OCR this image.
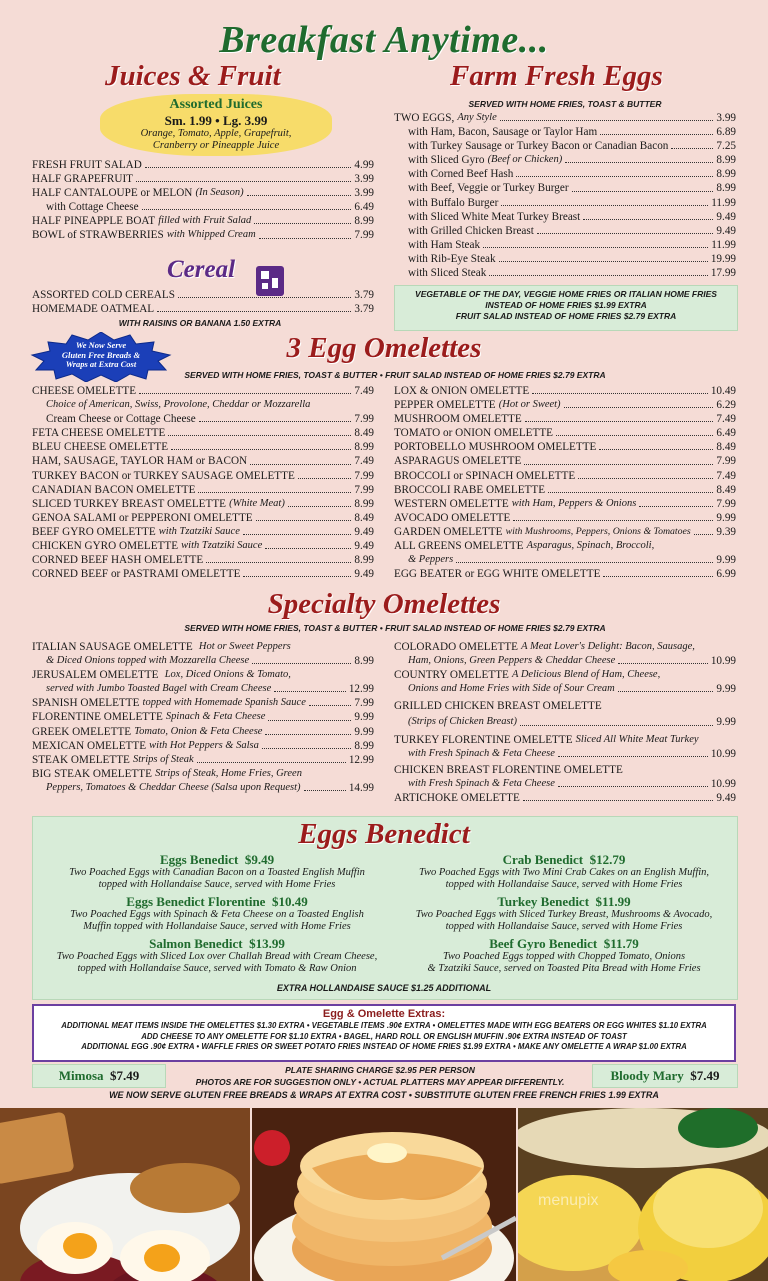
Breakfast Anytime...
Juices & Fruit
Assorted Juices
Sm. 1.99 • Lg. 3.99
Orange, Tomato, Apple, Grapefruit,
Cranberry or Pineapple Juice
FRESH FRUIT SALAD	4.99
HALF GRAPEFRUIT	3.99
HALF CANTALOUPE or MELON
(In Season)	3.99
with Cottage Cheese	6.49
HALF PINEAPPLE BOAT
filled with Fruit Salad	8.99
BOWL of STRAWBERRIES
with Whipped Cream	7.99
Cereal
ASSORTED COLD CEREALS	3.79
HOMEMADE OATMEAL	3.79
WITH RAISINS OR BANANA 1.50 EXTRA
We Now Serve
Gluten Free Breads &
Wraps at Extra Cost
Farm Fresh Eggs
SERVED WITH HOME FRIES, TOAST & BUTTER
TWO EGGS,
Any Style	3.99
with Ham, Bacon, Sausage or Taylor Ham	6.89
with Turkey Sausage or Turkey Bacon or Canadian Bacon	7.25
with Sliced Gyro
(Beef or Chicken)	8.99
with Corned Beef Hash	8.99
with Beef, Veggie or Turkey Burger	8.99
with Buffalo Burger	11.99
with Sliced White Meat Turkey Breast	9.49
with Grilled Chicken Breast	9.49
with Ham Steak	11.99
with Rib-Eye Steak	19.99
with Sliced Steak	17.99
VEGETABLE OF THE DAY, VEGGIE HOME FRIES OR ITALIAN HOME FRIES
INSTEAD OF HOME FRIES $1.99 EXTRA
FRUIT SALAD INSTEAD OF HOME FRIES $2.79 EXTRA
3 Egg Omelettes
SERVED WITH HOME FRIES, TOAST & BUTTER • FRUIT SALAD INSTEAD OF HOME FRIES $2.79 EXTRA
CHEESE OMELETTE	7.49
Choice of American, Swiss, Provolone, Cheddar or Mozzarella
Cream Cheese or Cottage Cheese	7.99
FETA CHEESE OMELETTE	8.49
BLEU CHEESE OMELETTE	8.99
HAM, SAUSAGE, TAYLOR HAM or BACON	7.49
TURKEY BACON or TURKEY SAUSAGE OMELETTE	7.99
CANADIAN BACON OMELETTE	7.99
SLICED TURKEY BREAST OMELETTE
(White Meat)	8.99
GENOA SALAMI or PEPPERONI OMELETTE	8.49
BEEF GYRO OMELETTE
with Tzatziki Sauce	9.49
CHICKEN GYRO OMELETTE
with Tzatziki Sauce	9.49
CORNED BEEF HASH OMELETTE	8.99
CORNED BEEF or PASTRAMI OMELETTE	9.49
LOX & ONION OMELETTE	10.49
PEPPER OMELETTE
(Hot or Sweet)	6.29
MUSHROOM OMELETTE	7.49
TOMATO or ONION OMELETTE	6.49
PORTOBELLO MUSHROOM OMELETTE	8.49
ASPARAGUS OMELETTE	7.99
BROCCOLI or SPINACH OMELETTE	7.49
BROCCOLI RABE OMELETTE	8.49
WESTERN OMELETTE
with Ham, Peppers & Onions	7.99
AVOCADO OMELETTE	9.99
GARDEN OMELETTE
with Mushrooms, Peppers, Onions & Tomatoes 9.39
ALL GREENS OMELETTE
Asparagus, Spinach, Broccoli,
& Peppers	9.99
EGG BEATER or EGG WHITE OMELETTE	6.99
Specialty Omelettes
SERVED WITH HOME FRIES, TOAST & BUTTER • FRUIT SALAD INSTEAD OF HOME FRIES $2.79 EXTRA
ITALIAN SAUSAGE OMELETTE
Hot or Sweet Peppers
& Diced Onions topped with Mozzarella Cheese	8.99
JERUSALEM OMELETTE
Lox, Diced Onions & Tomato,
served with Jumbo Toasted Bagel with Cream Cheese	12.99
SPANISH OMELETTE
topped with Homemade Spanish Sauce	7.99
FLORENTINE OMELETTE
Spinach & Feta Cheese	9.99
GREEK OMELETTE
Tomato, Onion & Feta Cheese	9.99
MEXICAN OMELETTE
with Hot Peppers & Salsa	8.99
STEAK OMELETTE
Strips of Steak	12.99
BIG STEAK OMELETTE
Strips of Steak, Home Fries, Green
Peppers, Tomatoes & Cheddar Cheese (Salsa upon Request)	14.99
COLORADO OMELETTE
A Meat Lover's Delight: Bacon, Sausage,
Ham, Onions, Green Peppers & Cheddar Cheese	10.99
COUNTRY OMELETTE
A Delicious Blend of Ham, Cheese,
Onions and Home Fries with Side of Sour Cream	9.99
GRILLED CHICKEN BREAST OMELETTE
(Strips of Chicken Breast)	9.99
TURKEY FLORENTINE OMELETTE
Sliced All White Meat Turkey
with Fresh Spinach & Feta Cheese	10.99
CHICKEN BREAST FLORENTINE OMELETTE
with Fresh Spinach & Feta Cheese	10.99
ARTICHOKE OMELETTE	9.49
Eggs Benedict
Eggs Benedict $9.49
Two Poached Eggs with Canadian Bacon on a Toasted English Muffin
topped with Hollandaise Sauce, served with Home Fries
Eggs Benedict Florentine $10.49
Two Poached Eggs with Spinach & Feta Cheese on a Toasted English
Muffin topped with Hollandaise Sauce, served with Home Fries
Salmon Benedict $13.99
Two Poached Eggs with Sliced Lox over Challah Bread with Cream Cheese,
topped with Hollandaise Sauce, served with Tomato & Raw Onion
Crab Benedict $12.79
Two Poached Eggs with Two Mini Crab Cakes on an English Muffin,
topped with Hollandaise Sauce, served with Home Fries
Turkey Benedict $11.99
Two Poached Eggs with Sliced Turkey Breast, Mushrooms & Avocado,
topped with Hollandaise Sauce, served with Home Fries
Beef Gyro Benedict $11.79
Two Poached Eggs topped with Chopped Tomato, Onions
& Tzatziki Sauce, served on Toasted Pita Bread with Home Fries
EXTRA HOLLANDAISE SAUCE $1.25 ADDITIONAL
Egg & Omelette Extras:
ADDITIONAL MEAT ITEMS INSIDE THE OMELETTES $1.30 EXTRA • VEGETABLE ITEMS .90¢ EXTRA • OMELETTES MADE WITH EGG BEATERS OR EGG WHITES $1.10 EXTRA
ADD CHEESE TO ANY OMELETTE FOR $1.10 EXTRA • BAGEL, HARD ROLL OR ENGLISH MUFFIN .90¢ EXTRA INSTEAD OF TOAST
ADDITIONAL EGG .90¢ EXTRA • WAFFLE FRIES OR SWEET POTATO FRIES INSTEAD OF HOME FRIES $1.99 EXTRA • MAKE ANY OMELETTE A WRAP $1.00 EXTRA
Mimosa $7.49	Bloody Mary $7.49
PLATE SHARING CHARGE $2.95 PER PERSON
PHOTOS ARE FOR SUGGESTION ONLY • ACTUAL PLATTERS MAY APPEAR DIFFERENTLY.
WE NOW SERVE GLUTEN FREE BREADS & WRAPS AT EXTRA COST • SUBSTITUTE GLUTEN FREE FRENCH FRIES 1.99 EXTRA
menupix
